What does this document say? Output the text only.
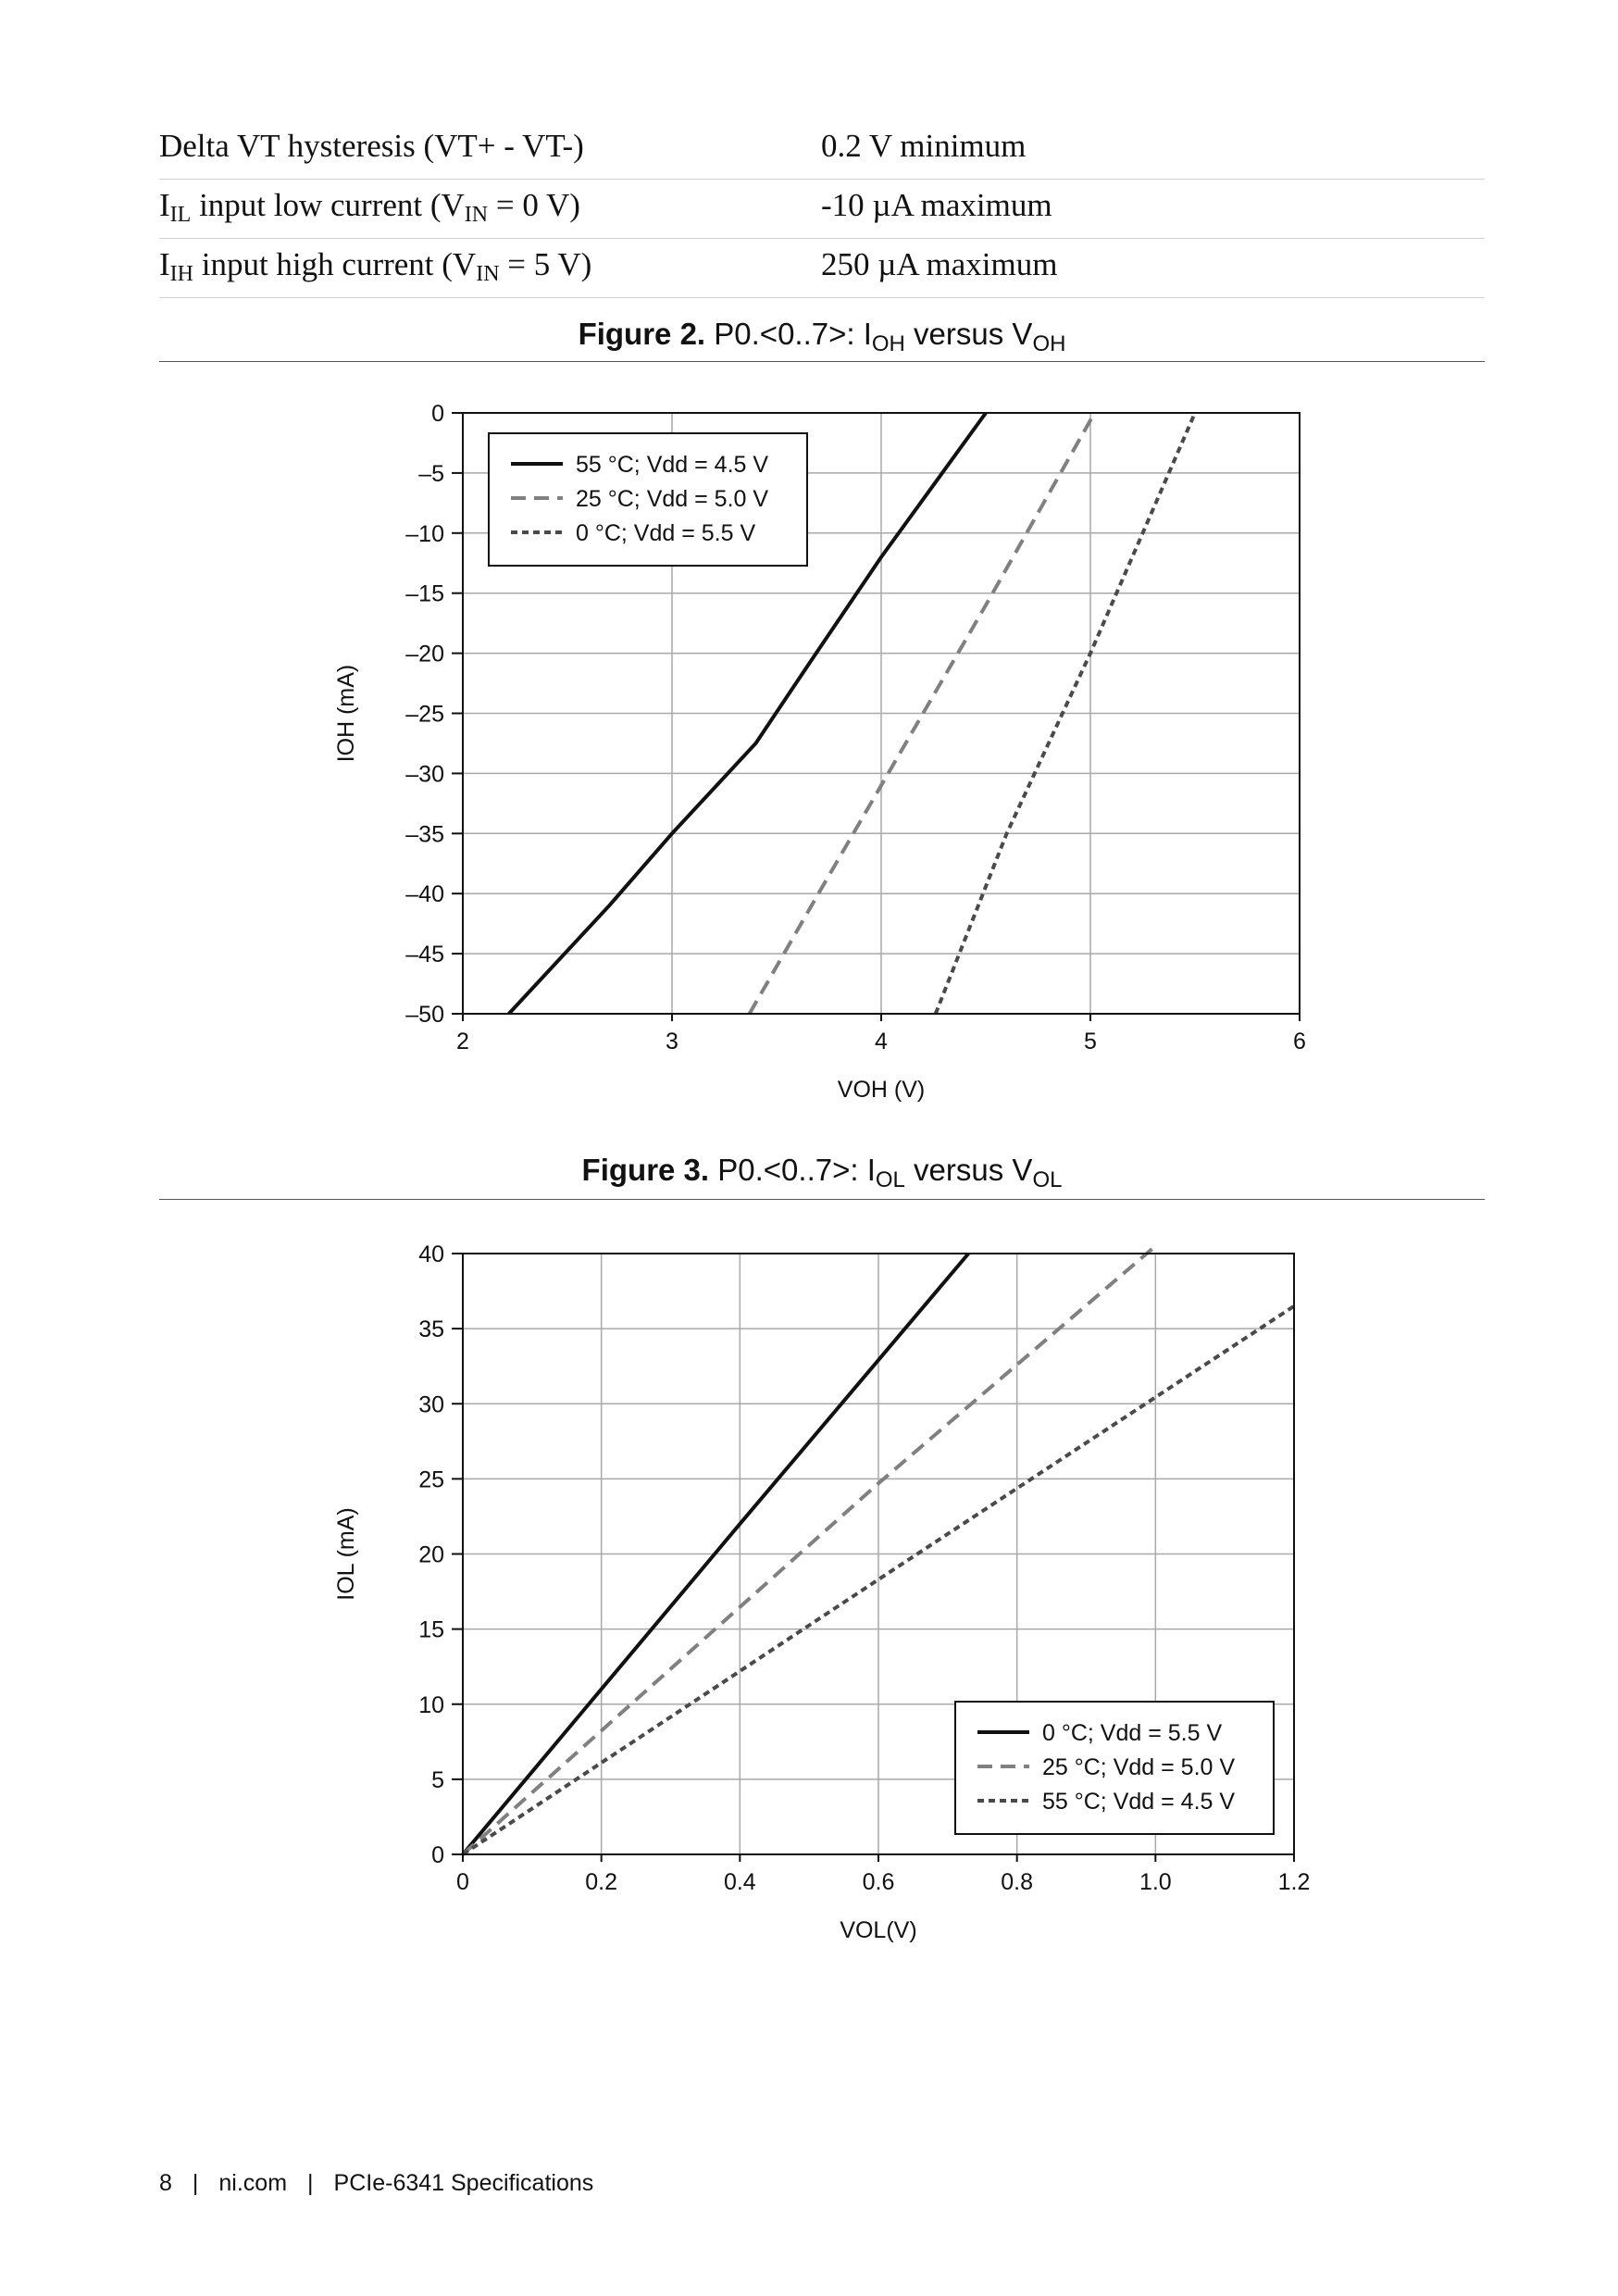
Delta VT hysteresis (VT+ - VT-)	0.2 V minimum
$I_{IL}$ input low current ($V_{IN} = 0$ V)	-10 µA maximum
$I_{IH}$ input high current ($V_{IN} = 5$ V)	250 µA maximum
Figure 2. P0.<0..7>: $I_{OH}$ versus $V_{OH}$
2	3	4	5	6
0
–5
–10
–15
–20
–25
–30
–35
–40
–45
–50
VOH (V)
IOH (mA)
55 °C; Vdd = 4.5 V
25 °C; Vdd = 5.0 V
0 °C; Vdd = 5.5 V
Figure 3. P0.<0..7>: $I_{OL}$ versus $V_{OL}$
0	0.2	0.4	0.6	0.8	1.0	1.2
0
5
10
15
20
25
30
35
40
VOL(V)
IOL (mA)
0 °C; Vdd = 5.5 V
25 °C; Vdd = 5.0 V
55 °C; Vdd = 4.5 V
8 | ni.com | PCIe-6341 Specifications
